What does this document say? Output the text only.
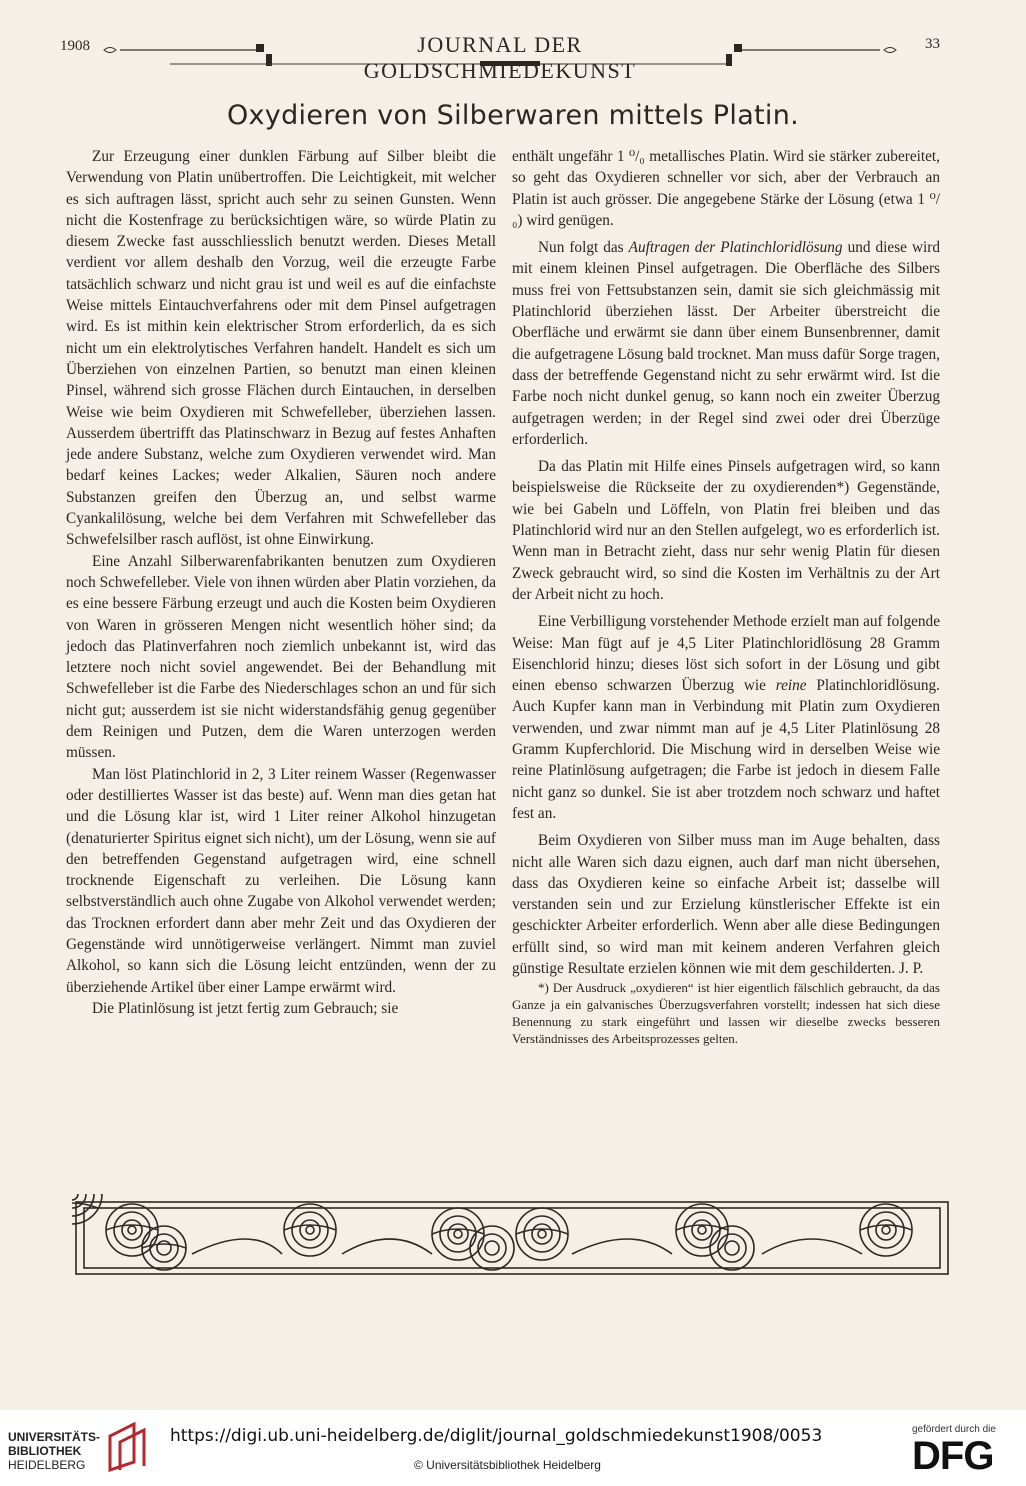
1908	JOURNAL DER GOLDSCHMIEDEKUNST
33
Oxydieren von Silberwaren mittels Platin.

Zur Erzeugung einer dunklen Färbung auf Silber bleibt die Verwendung von Platin unübertroffen. Die Leichtigkeit, mit welcher es sich auftragen lässt, spricht auch sehr zu seinen Gunsten. Wenn nicht die Kostenfrage zu berücksichtigen wäre, so würde Platin zu diesem Zwecke fast ausschliesslich benutzt werden. Dieses Metall verdient vor allem deshalb den Vorzug, weil die erzeugte Farbe tatsächlich schwarz und nicht grau ist und weil es auf die einfachste Weise mittels Eintauchverfahrens oder mit dem Pinsel aufgetragen wird. Es ist mithin kein elektrischer Strom erforderlich, da es sich nicht um ein elektrolytisches Verfahren handelt. Handelt es sich um Überziehen von einzelnen Partien, so benutzt man einen kleinen Pinsel, während sich grosse Flächen durch Eintauchen, in derselben Weise wie beim Oxydieren mit Schwefelleber, überziehen lassen. Ausserdem übertrifft das Platinschwarz in Bezug auf festes Anhaften jede andere Substanz, welche zum Oxydieren verwendet wird. Man bedarf keines Lackes; weder Alkalien, Säuren noch andere Substanzen greifen den Überzug an, und selbst warme Cyankalilösung, welche bei dem Verfahren mit Schwefelleber das Schwefelsilber rasch auflöst, ist ohne Einwirkung.

Eine Anzahl Silberwarenfabrikanten benutzen zum Oxydieren noch Schwefelleber. Viele von ihnen würden aber Platin vorziehen, da es eine bessere Färbung erzeugt und auch die Kosten beim Oxydieren von Waren in grösseren Mengen nicht wesentlich höher sind; da jedoch das Platinverfahren noch ziemlich unbekannt ist, wird das letztere noch nicht soviel angewendet. Bei der Behandlung mit Schwefelleber ist die Farbe des Niederschlages schon an und für sich nicht gut; ausserdem ist sie nicht widerstandsfähig genug gegenüber dem Reinigen und Putzen, dem die Waren unterzogen werden müssen.

Man löst Platinchlorid in 2, 3 Liter reinem Wasser (Regenwasser oder destilliertes Wasser ist das beste) auf. Wenn man dies getan hat und die Lösung klar ist, wird 1 Liter reiner Alkohol hinzugetan (denaturierter Spiritus eignet sich nicht), um der Lösung, wenn sie auf den betreffenden Gegenstand aufgetragen wird, eine schnell trocknende Eigenschaft zu verleihen. Die Lösung kann selbstverständlich auch ohne Zugabe von Alkohol verwendet werden; das Trocknen erfordert dann aber mehr Zeit und das Oxydieren der Gegenstände wird unnötigerweise verlängert. Nimmt man zuviel Alkohol, so kann sich die Lösung leicht entzünden, wenn der zu überziehende Artikel über einer Lampe erwärmt wird.

Die Platinlösung ist jetzt fertig zum Gebrauch; sie

enthält ungefähr 1 ⁰/₀ metallisches Platin. Wird sie stärker zubereitet, so geht das Oxydieren schneller vor sich, aber der Verbrauch an Platin ist auch grösser. Die angegebene Stärke der Lösung (etwa 1 ⁰/₀) wird genügen.

Nun folgt das Auftragen der Platinchloridlösung und diese wird mit einem kleinen Pinsel aufgetragen. Die Oberfläche des Silbers muss frei von Fettsubstanzen sein, damit sie sich gleichmässig mit Platinchlorid überziehen lässt. Der Arbeiter überstreicht die Oberfläche und erwärmt sie dann über einem Bunsenbrenner, damit die aufgetragene Lösung bald trocknet. Man muss dafür Sorge tragen, dass der betreffende Gegenstand nicht zu sehr erwärmt wird. Ist die Farbe noch nicht dunkel genug, so kann noch ein zweiter Überzug aufgetragen werden; in der Regel sind zwei oder drei Überzüge erforderlich.

Da das Platin mit Hilfe eines Pinsels aufgetragen wird, so kann beispielsweise die Rückseite der zu oxydierenden*) Gegenstände, wie bei Gabeln und Löffeln, von Platin frei bleiben und das Platinchlorid wird nur an den Stellen aufgelegt, wo es erforderlich ist. Wenn man in Betracht zieht, dass nur sehr wenig Platin für diesen Zweck gebraucht wird, so sind die Kosten im Verhältnis zu der Art der Arbeit nicht zu hoch.

Eine Verbilligung vorstehender Methode erzielt man auf folgende Weise: Man fügt auf je 4,5 Liter Platinchloridlösung 28 Gramm Eisenchlorid hinzu; dieses löst sich sofort in der Lösung und gibt einen ebenso schwarzen Überzug wie reine Platinchloridlösung. Auch Kupfer kann man in Verbindung mit Platin zum Oxydieren verwenden, und zwar nimmt man auf je 4,5 Liter Platinlösung 28 Gramm Kupferchlorid. Die Mischung wird in derselben Weise wie reine Platinlösung aufgetragen; die Farbe ist jedoch in diesem Falle nicht ganz so dunkel. Sie ist aber trotzdem noch schwarz und haftet fest an.

Beim Oxydieren von Silber muss man im Auge behalten, dass nicht alle Waren sich dazu eignen, auch darf man nicht übersehen, dass das Oxydieren keine so einfache Arbeit ist; dasselbe will verstanden sein und zur Erzielung künstlerischer Effekte ist ein geschickter Arbeiter erforderlich. Wenn aber alle diese Bedingungen erfüllt sind, so wird man mit keinem anderen Verfahren gleich günstige Resultate erzielen können wie mit dem geschilderten. J. P.

*) Der Ausdruck „oxydieren“ ist hier eigentlich fälschlich gebraucht, da das Ganze ja ein galvanisches Überzugsverfahren vorstellt; indessen hat sich diese Benennung zu stark eingeführt und lassen wir dieselbe zwecks besseren Verständnisses des Arbeitsprozesses gelten.

UNIVERSITÄTS-
BIBLIOTHEK
HEIDELBERG
https://digi.ub.uni-heidelberg.de/diglit/journal_goldschmiedekunst1908/0053
© Universitätsbibliothek Heidelberg
gefördert durch die
DFG
